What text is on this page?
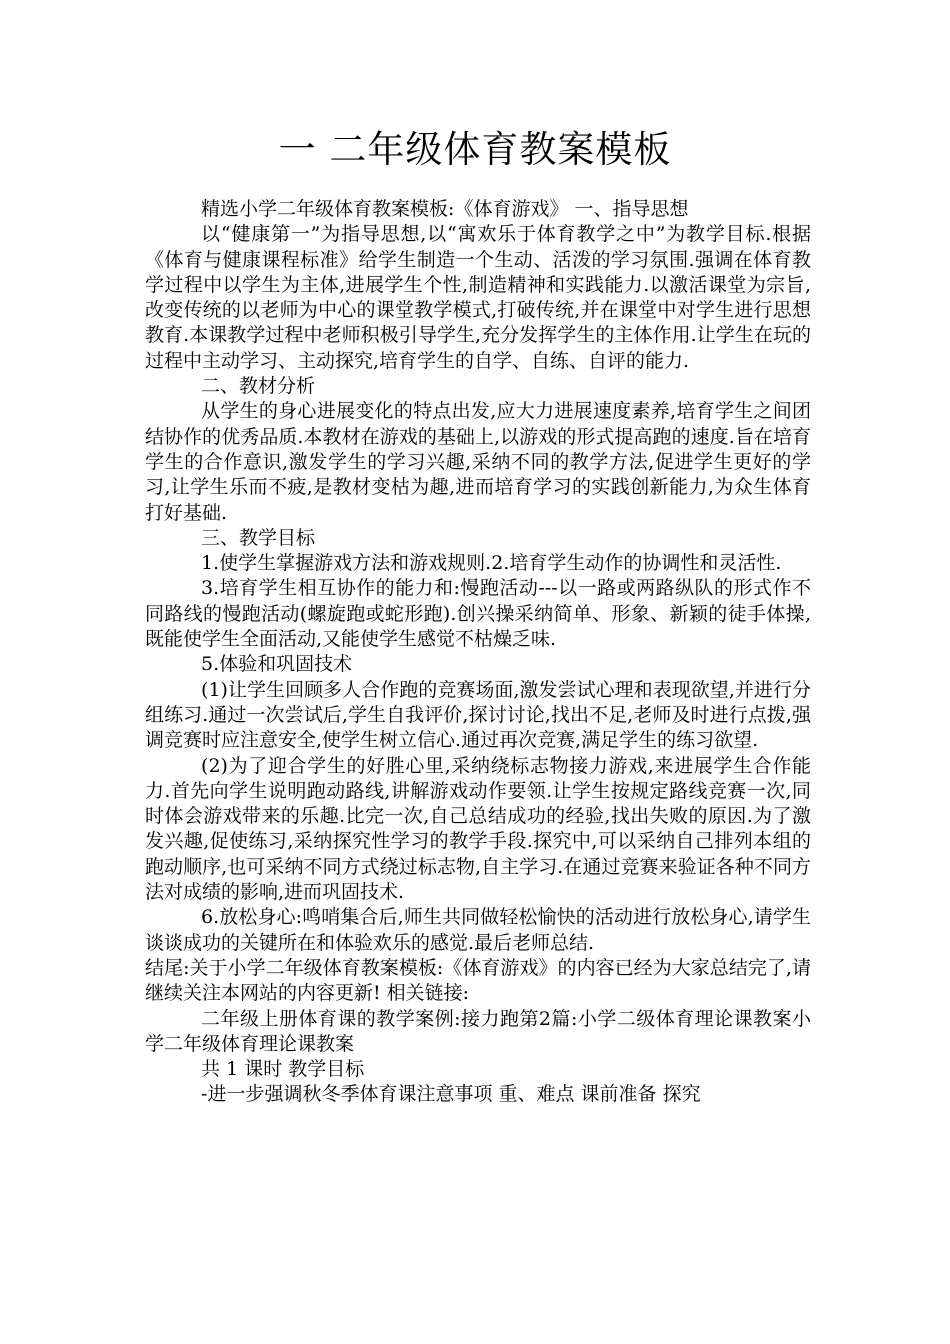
一 二年级体育教案模板

精选小学二年级体育教案模板:《体育游戏》 一、指导思想

以“健康第一”为指导思想,以“寓欢乐于体育教学之中”为教学目标.根据《体育与健康课程标准》给学生制造一个生动、活泼的学习氛围.强调在体育教学过程中以学生为主体,进展学生个性,制造精神和实践能力.以激活课堂为宗旨,改变传统的以老师为中心的课堂教学模式,打破传统,并在课堂中对学生进行思想教育.本课教学过程中老师积极引导学生,充分发挥学生的主体作用.让学生在玩的过程中主动学习、主动探究,培育学生的自学、自练、自评的能力.

二、教材分析

从学生的身心进展变化的特点出发,应大力进展速度素养,培育学生之间团结协作的优秀品质.本教材在游戏的基础上,以游戏的形式提高跑的速度.旨在培育学生的合作意识,激发学生的学习兴趣,采纳不同的教学方法,促进学生更好的学习,让学生乐而不疲,是教材变枯为趣,进而培育学习的实践创新能力,为众生体育打好基础.

三、教学目标

1.使学生掌握游戏方法和游戏规则.2.培育学生动作的协调性和灵活性.

3.培育学生相互协作的能力和:慢跑活动---以一路或两路纵队的形式作不同路线的慢跑活动(螺旋跑或蛇形跑).创兴操采纳简单、形象、新颖的徒手体操,既能使学生全面活动,又能使学生感觉不枯燥乏味.

5.体验和巩固技术

(1)让学生回顾多人合作跑的竞赛场面,激发尝试心理和表现欲望,并进行分组练习.通过一次尝试后,学生自我评价,探讨讨论,找出不足,老师及时进行点拨,强调竞赛时应注意安全,使学生树立信心.通过再次竞赛,满足学生的练习欲望.

(2)为了迎合学生的好胜心里,采纳绕标志物接力游戏,来进展学生合作能力.首先向学生说明跑动路线,讲解游戏动作要领.让学生按规定路线竞赛一次,同时体会游戏带来的乐趣.比完一次,自己总结成功的经验,找出失败的原因.为了激发兴趣,促使练习,采纳探究性学习的教学手段.探究中,可以采纳自己排列本组的跑动顺序,也可采纳不同方式绕过标志物,自主学习.在通过竞赛来验证各种不同方法对成绩的影响,进而巩固技术.

6.放松身心:鸣哨集合后,师生共同做轻松愉快的活动进行放松身心,请学生谈谈成功的关键所在和体验欢乐的感觉.最后老师总结.

结尾:关于小学二年级体育教案模板:《体育游戏》的内容已经为大家总结完了,请继续关注本网站的内容更新! 相关链接:

二年级上册体育课的教学案例:接力跑第2篇:小学二级体育理论课教案小学二年级体育理论课教案

共 1 课时 教学目标

-进一步强调秋冬季体育课注意事项 重、难点 课前准备 探究
